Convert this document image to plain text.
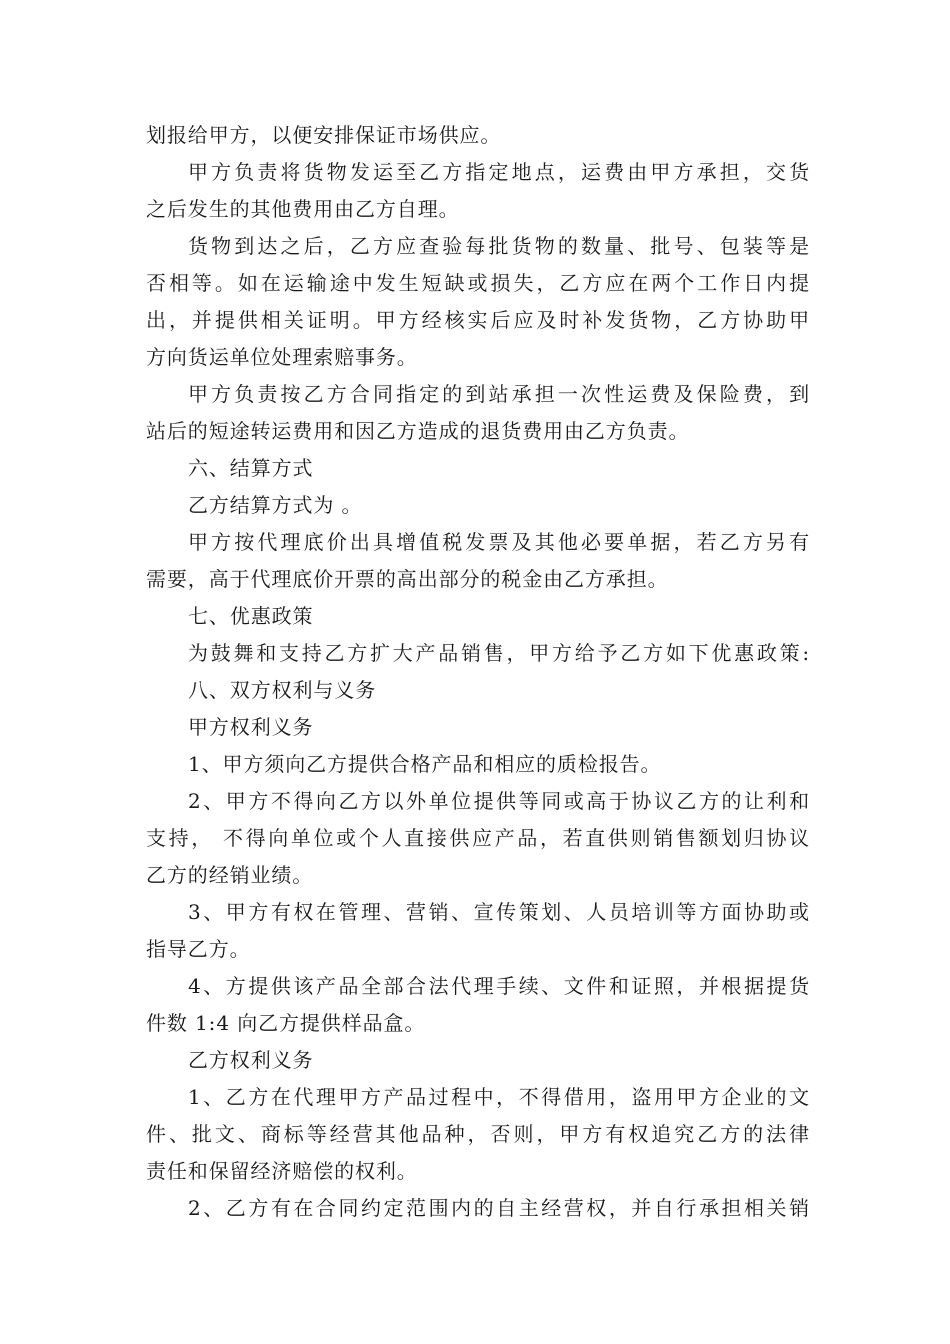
划报给甲方，以便安排保证市场供应。
甲方负责将货物发运至乙方指定地点，运费由甲方承担，交货
之后发生的其他费用由乙方自理。
货物到达之后，乙方应查验每批货物的数量、批号、包装等是
否相等。如在运输途中发生短缺或损失，乙方应在两个工作日内提
出，并提供相关证明。甲方经核实后应及时补发货物，乙方协助甲
方向货运单位处理索赔事务。
甲方负责按乙方合同指定的到站承担一次性运费及保险费，到
站后的短途转运费用和因乙方造成的退货费用由乙方负责。
六、结算方式
乙方结算方式为 。
甲方按代理底价出具增值税发票及其他必要单据，若乙方另有
需要，高于代理底价开票的高出部分的税金由乙方承担。
七、优惠政策
为鼓舞和支持乙方扩大产品销售，甲方给予乙方如下优惠政策:
八、双方权利与义务
甲方权利义务
1、甲方须向乙方提供合格产品和相应的质检报告。
2、甲方不得向乙方以外单位提供等同或高于协议乙方的让利和
支持， 不得向单位或个人直接供应产品，若直供则销售额划归协议
乙方的经销业绩。
3、甲方有权在管理、营销、宣传策划、人员培训等方面协助或
指导乙方。
4、方提供该产品全部合法代理手续、文件和证照，并根据提货
件数 1:4 向乙方提供样品盒。
乙方权利义务
1、乙方在代理甲方产品过程中，不得借用，盗用甲方企业的文
件、批文、商标等经营其他品种，否则，甲方有权追究乙方的法律
责任和保留经济赔偿的权利。
2、乙方有在合同约定范围内的自主经营权，并自行承担相关销
